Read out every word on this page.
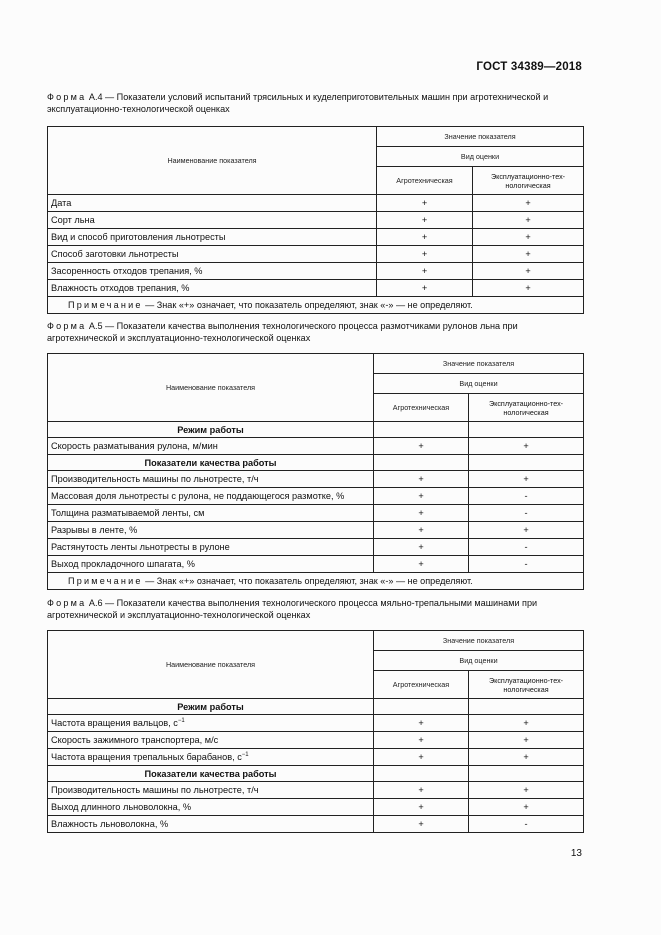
ГОСТ 34389—2018
Форма А.4 — Показатели условий испытаний трясильных и куделеприготовительных машин при агротехнической и эксплуатационно-технологической оценках
Наименование показателя	Значение показателя	
	Вид оценки	
	Агротехническая	Эксплуатационно-тех-нологическая
Дата	+	+
Сорт льна	+	+
Вид и способ приготовления льнотресты	+	+
Способ заготовки льнотресты	+	+
Засоренность отходов трепания, %	+	+
Влажность отходов трепания, %	+	+
Примечание — Знак «+» означает, что показатель определяют, знак «-» — не определяют.		
Форма А.5 — Показатели качества выполнения технологического процесса размотчиками рулонов льна при агротехнической и эксплуатационно-технологической оценках
Наименование показателя	Значение показателя	
	Вид оценки	
	Агротехническая	Эксплуатационно-тех-нологическая
Режим работы		
Скорость разматывания рулона, м/мин	+	+
Показатели качества работы		
Производительность машины по льнотресте, т/ч	+	+
Массовая доля льнотресты с рулона, не поддающегося размотке, %	+	-
Толщина разматываемой ленты, см	+	-
Разрывы в ленте, %	+	+
Растянутость ленты льнотресты в рулоне	+	-
Выход прокладочного шпагата, %	+	-
Примечание — Знак «+» означает, что показатель определяют, знак «-» — не определяют.		
Форма А.6 — Показатели качества выполнения технологического процесса мяльно-трепальными машинами при агротехнической и эксплуатационно-технологической оценках
Наименование показателя	Значение показателя	
	Вид оценки	
	Агротехническая	Эксплуатационно-тех-нологическая
Режим работы		
Частота вращения вальцов, $с^{-1}$	+	+
Скорость зажимного транспортера, м/с	+	+
Частота вращения трепальных барабанов, $с^{-1}$	+	+
Показатели качества работы		
Производительность машины по льнотресте, т/ч	+	+
Выход длинного льноволокна, %	+	+
Влажность льноволокна, %	+	-
13
